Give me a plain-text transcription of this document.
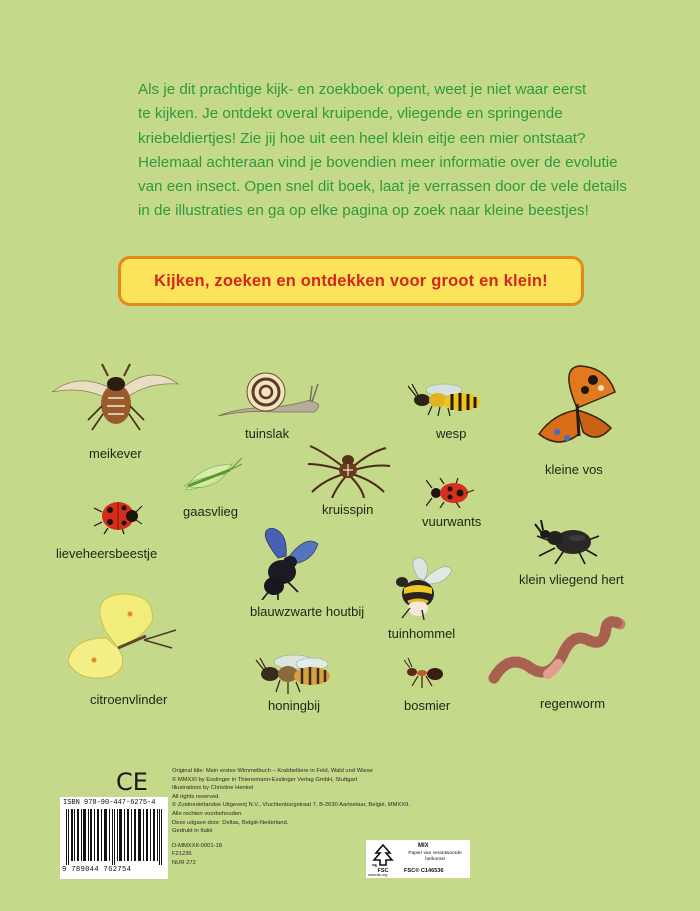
Als je dit prachtige kijk- en zoekboek opent, weet je niet waar eerst

te kijken. Je ontdekt overal kruipende, vliegende en springende

kriebeldiertjes! Zie jij hoe uit een heel klein eitje een mier ontstaat?

Helemaal achteraan vind je bovendien meer informatie over de evolutie

van een insect. Open snel dit boek, laat je verrassen door de vele details

in de illustraties en ga op elke pagina op zoek naar kleine beestjes!

Kijken, zoeken en ontdekken voor groot en klein!
meikever
tuinslak	wesp
kleine vos
gaasvlieg	kruisspin
vuurwants
lieveheersbeestje
klein vliegend hert
blauwzwarte houtbij
tuinhommel
citroenvlinder	honingbij	bosmier	regenworm
CE
ISBN 978-90-447-6275-4
9 789044 762754
Original title: Mein erstes Wimmelbuch – Krabbeltiere in Feld, Wald und Wiese
© MMXXI by Esslinger in Thienemann-Esslinger Verlag GmbH, Stuttgart
Illustrations by Christine Henkel
All rights reserved.
© Zuidnederlandse Uitgeverij N.V., Vluchtenburgstraat 7, B-2630 Aartselaar, België, MMXXII.
Alle rechten voorbehouden.
Deze uitgave door: Deltas, België-Nederland.
Gedrukt in Italië
D-MMXXII-0001-18
F21236
NUR 272
FSC
MIX
Papier van verantwoorde herkomst
FSC® C146536
www.fsc.org
